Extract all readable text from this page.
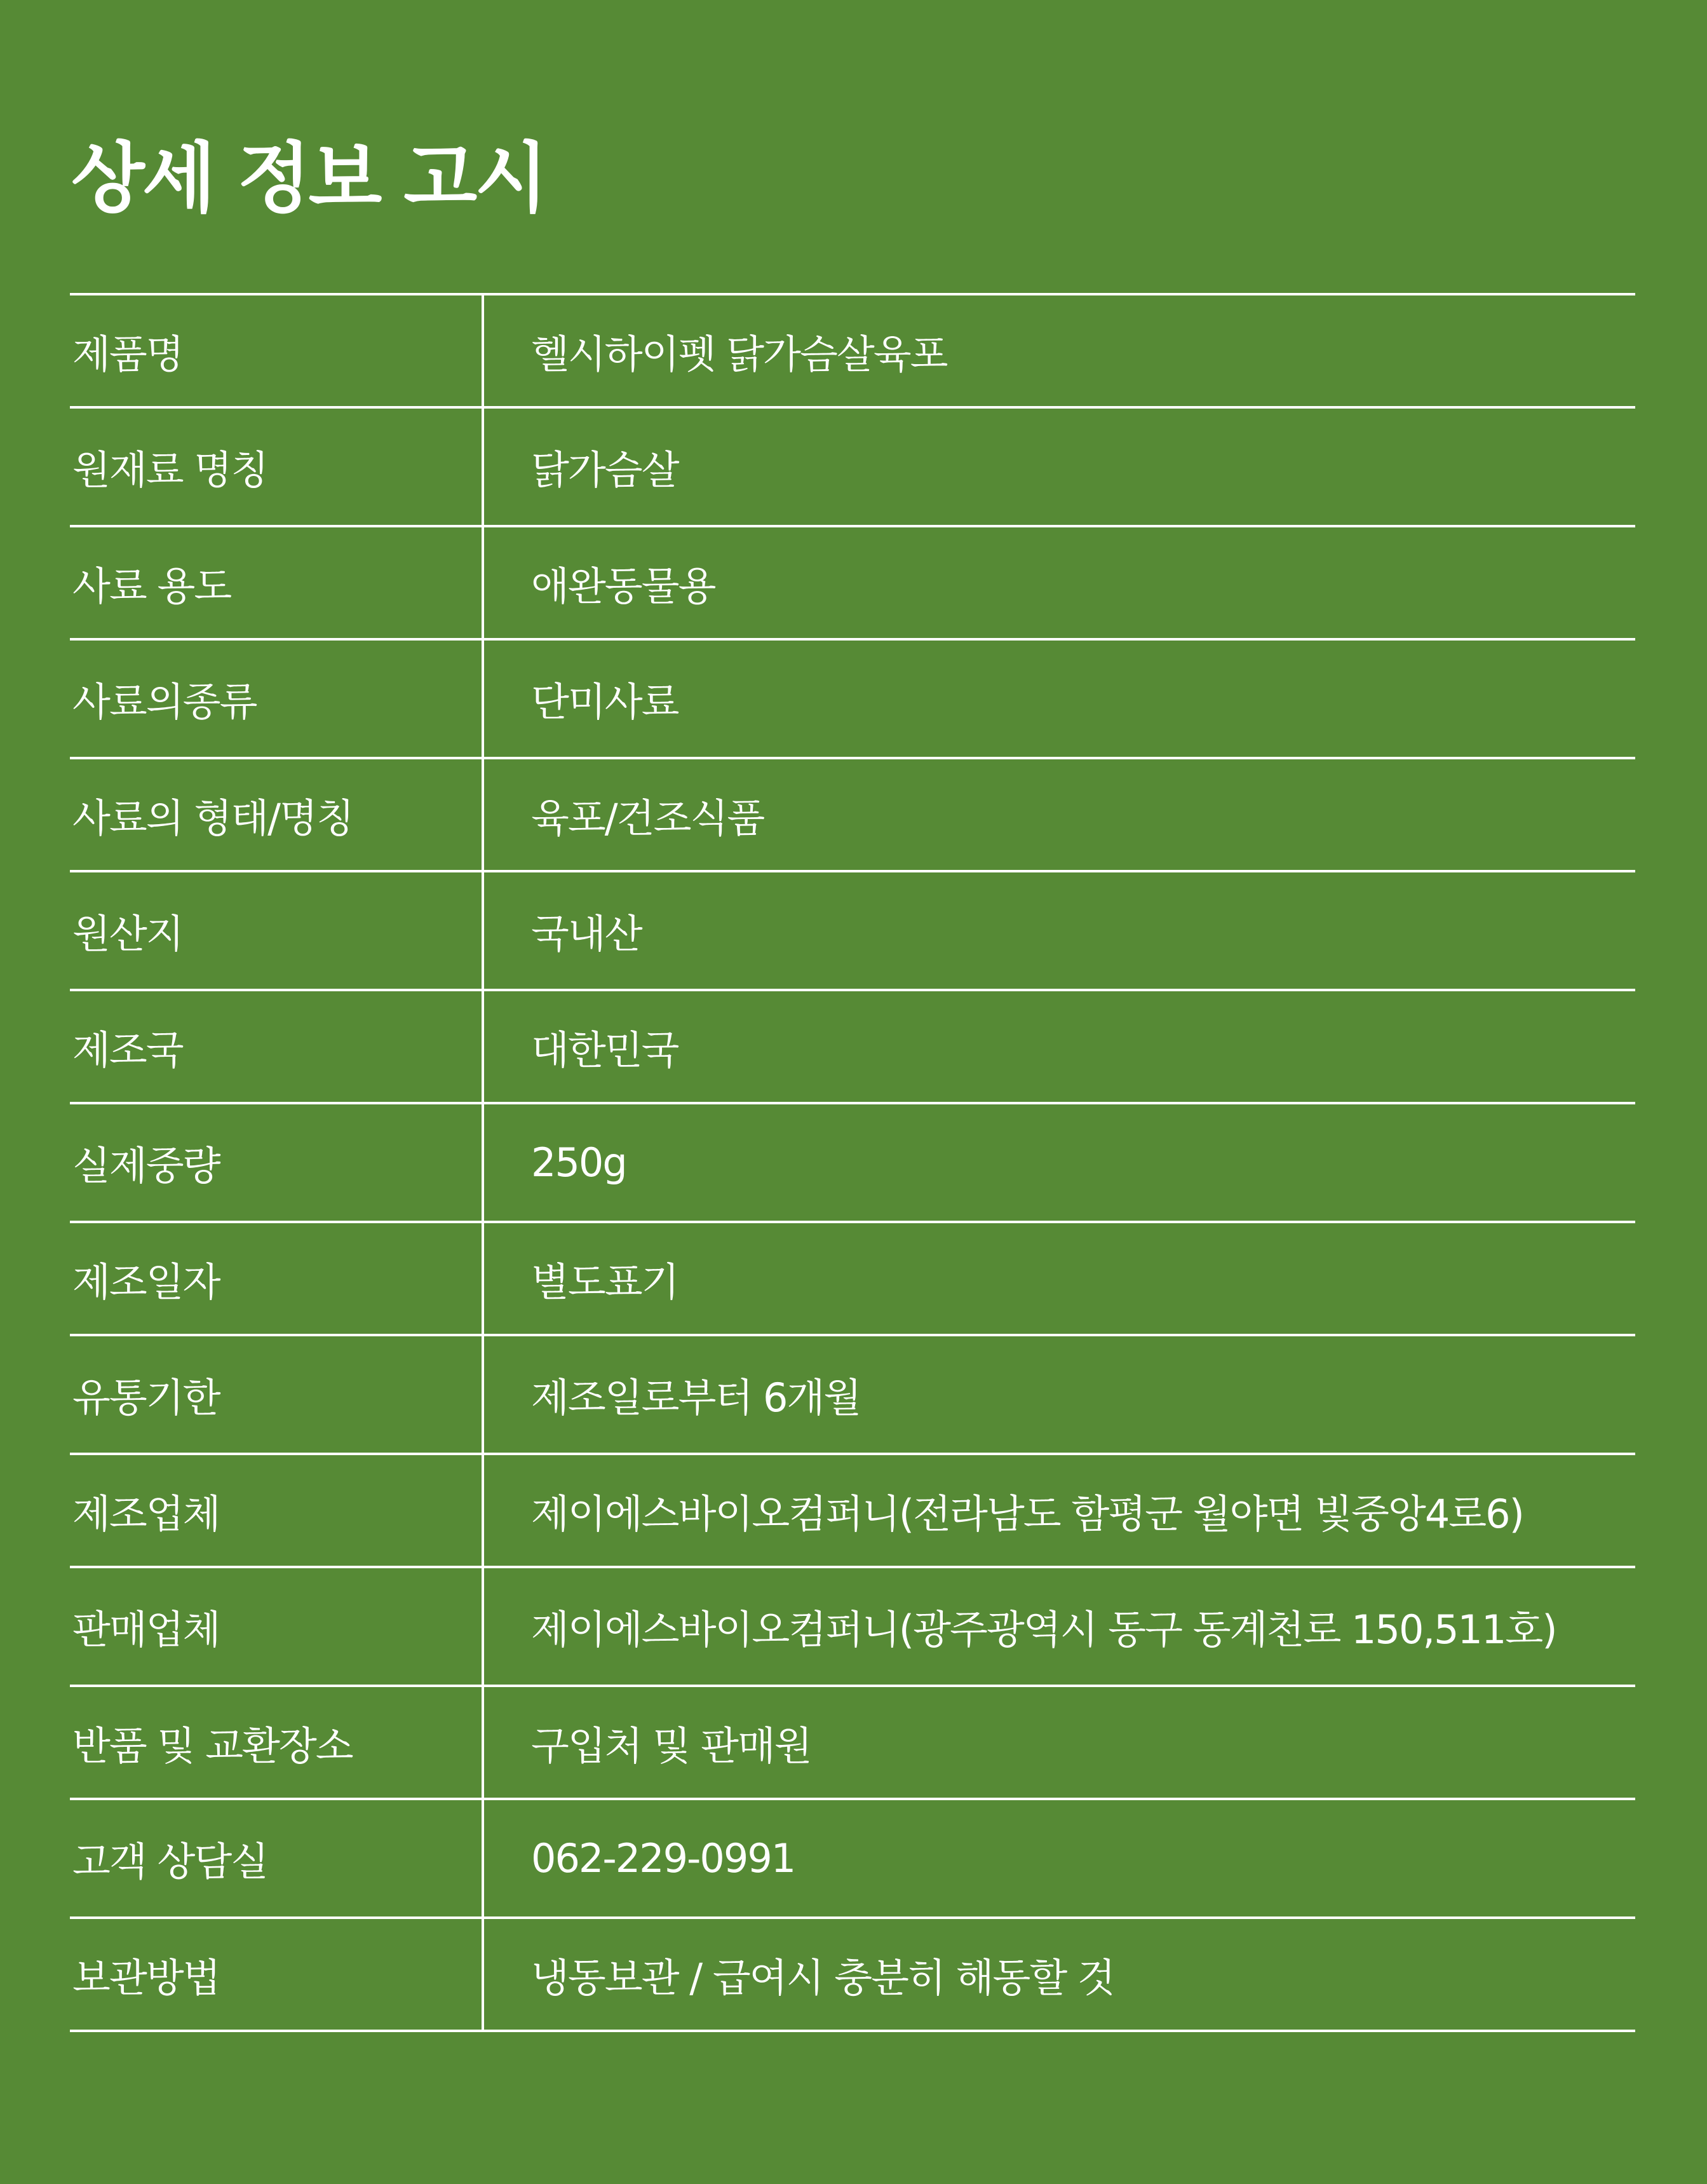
상세 정보 고시
제품명	헬시하이펫 닭가슴살육포
원재료 명칭	닭가슴살
사료 용도	애완동물용
사료의종류	단미사료
사료의 형태/명칭	육포/건조식품
원산지	국내산
제조국	대한민국
실제중량	250g
제조일자	별도표기
유통기한	제조일로부터 6개월
제조업체	제이에스바이오컴퍼니(전라남도 함평군 월야면 빛중앙4로6)
판매업체	제이에스바이오컴퍼니(광주광역시 동구 동계천로 150,511호)
반품 및 교환장소	구입처 및 판매원
고객 상담실	062-229-0991
보관방법	냉동보관 / 급여시 충분히 해동할 것
